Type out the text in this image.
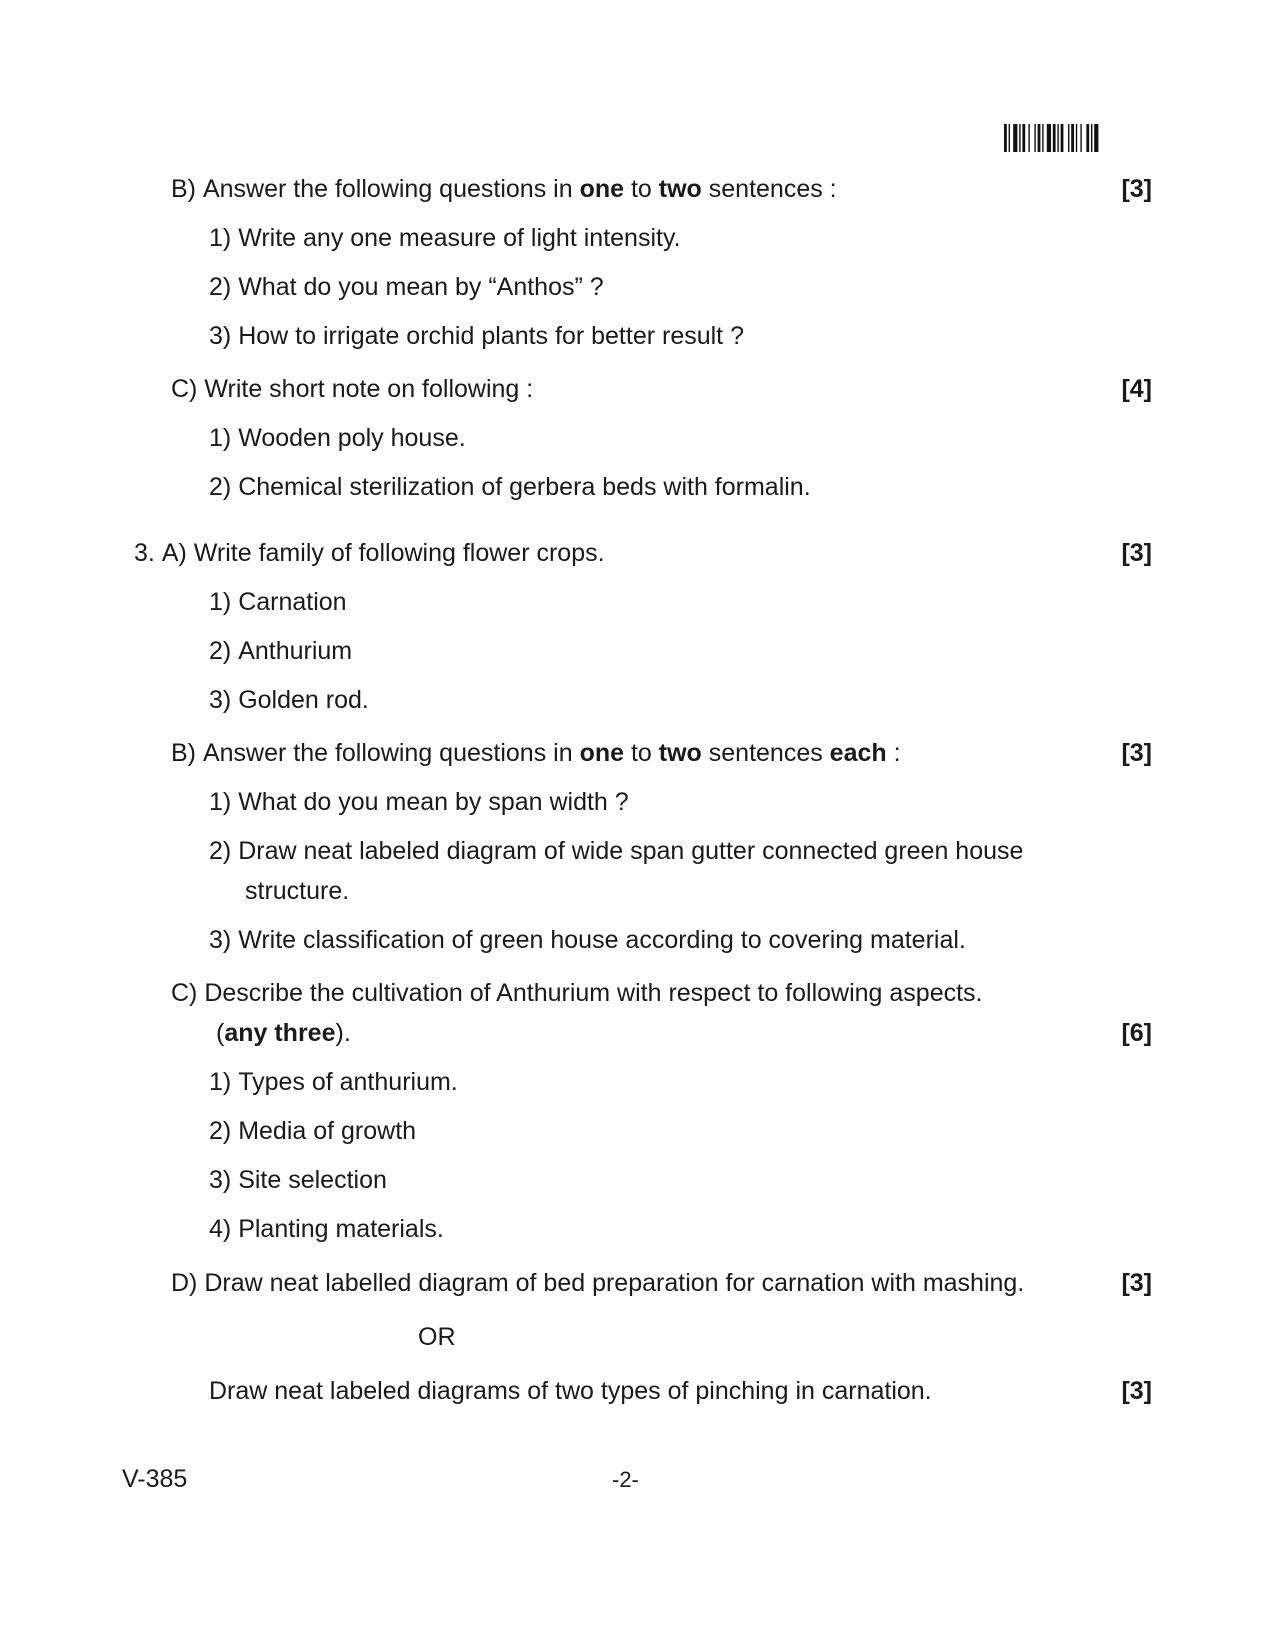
B) Answer the following questions in one to two sentences :	[3]
1) Write any one measure of light intensity.
2) What do you mean by “Anthos” ?
3) How to irrigate orchid plants for better result ?
C) Write short note on following :	[4]
1) Wooden poly house.
2) Chemical sterilization of gerbera beds with formalin.
3. A) Write family of following flower crops.	[3]
1) Carnation
2) Anthurium
3) Golden rod.
B) Answer the following questions in one to two sentences each :	[3]
1) What do you mean by span width ?
2) Draw neat labeled diagram of wide span gutter connected green house
structure.
3) Write classification of green house according to covering material.
C) Describe the cultivation of Anthurium with respect to following aspects.
(any three).	[6]
1) Types of anthurium.
2) Media of growth
3) Site selection
4) Planting materials.
D) Draw neat labelled diagram of bed preparation for carnation with mashing.	[3]
OR
Draw neat labeled diagrams of two types of pinching in carnation.	[3]
V-385	-2-
